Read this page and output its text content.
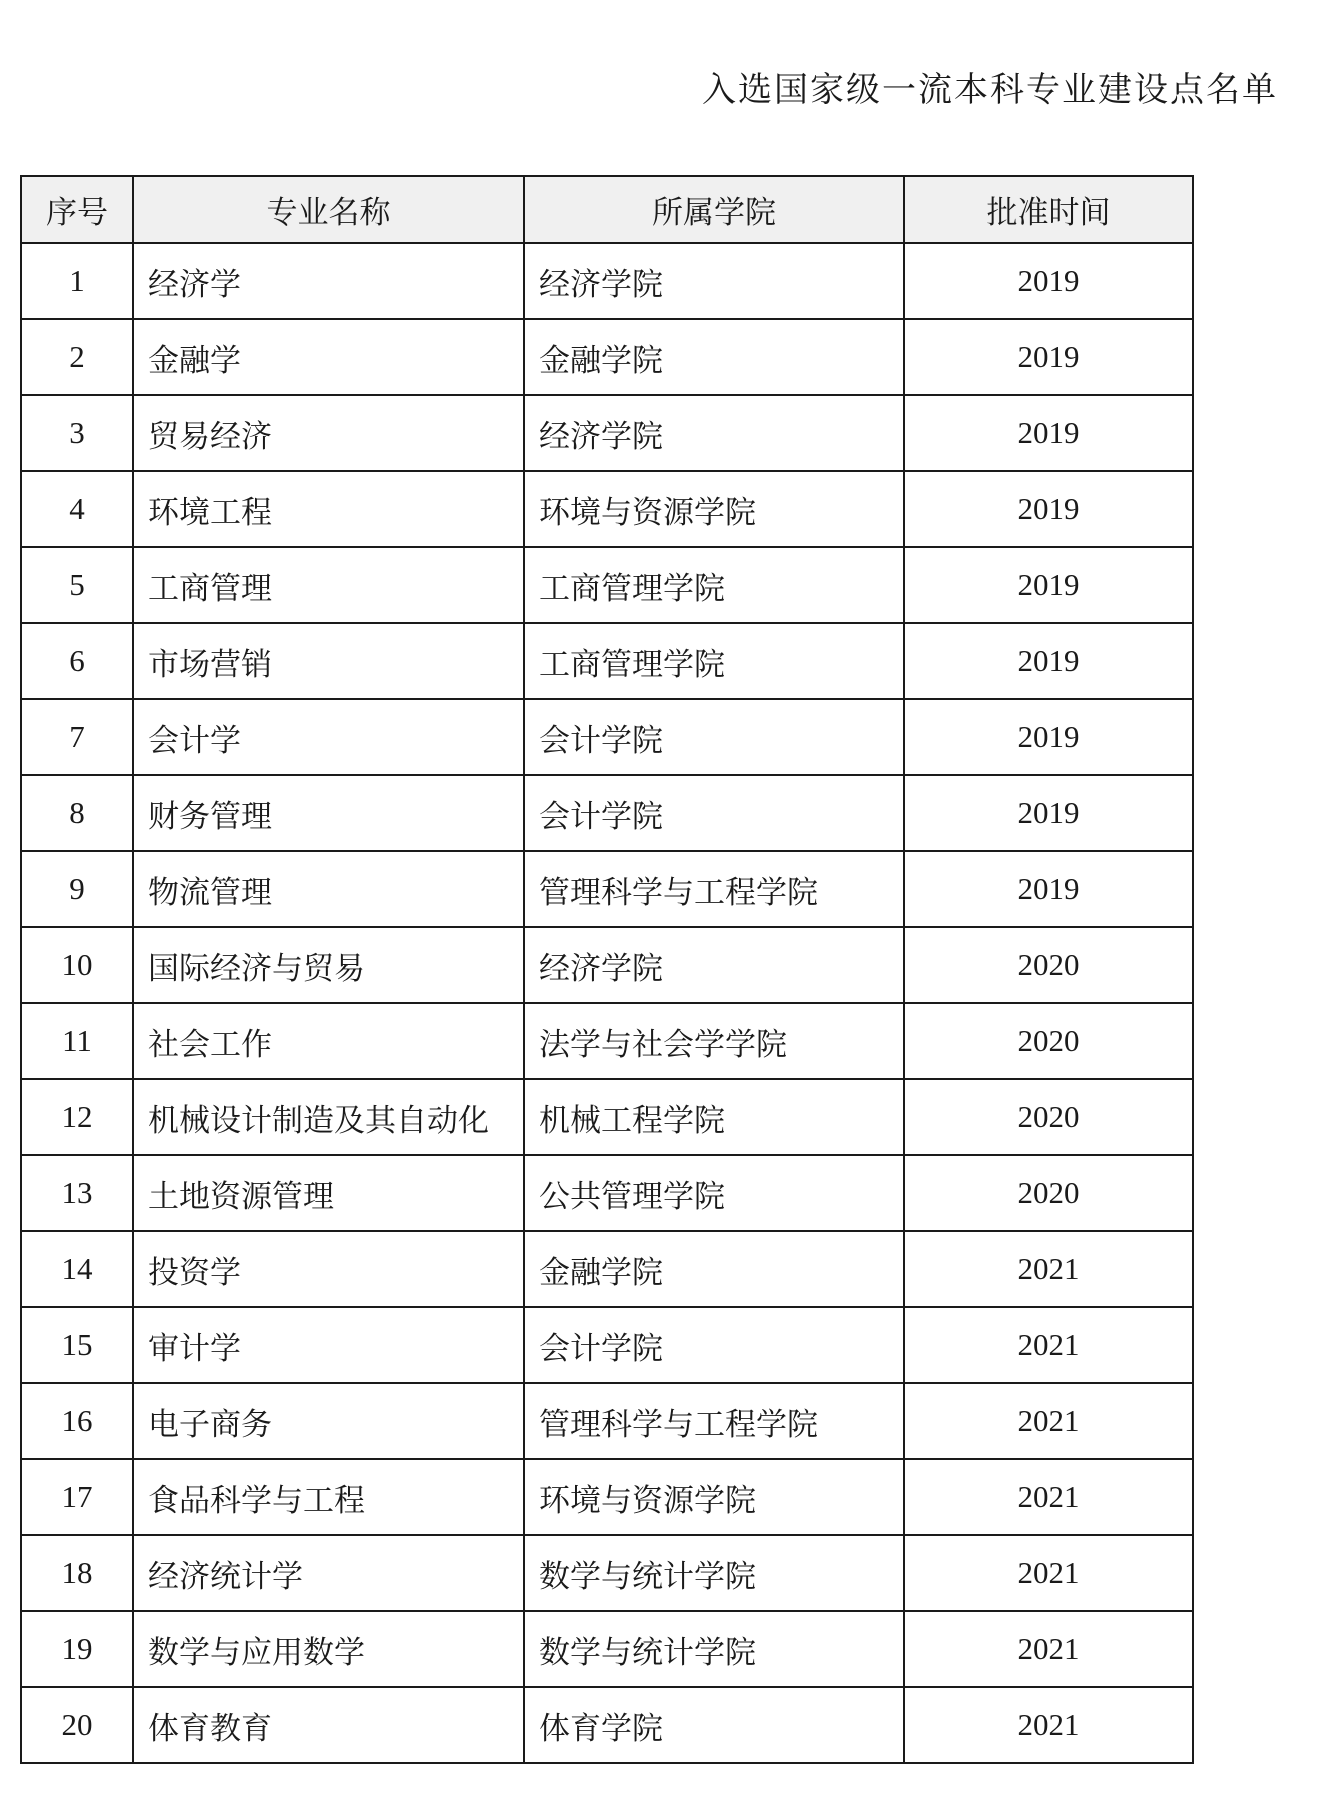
入选国家级一流本科专业建设点名单
序号	专业名称	所属学院	批准时间
1	经济学	经济学院	2019
2	金融学	金融学院	2019
3	贸易经济	经济学院	2019
4	环境工程	环境与资源学院	2019
5	工商管理	工商管理学院	2019
6	市场营销	工商管理学院	2019
7	会计学	会计学院	2019
8	财务管理	会计学院	2019
9	物流管理	管理科学与工程学院	2019
10	国际经济与贸易	经济学院	2020
11	社会工作	法学与社会学学院	2020
12	机械设计制造及其自动化	机械工程学院	2020
13	土地资源管理	公共管理学院	2020
14	投资学	金融学院	2021
15	审计学	会计学院	2021
16	电子商务	管理科学与工程学院	2021
17	食品科学与工程	环境与资源学院	2021
18	经济统计学	数学与统计学院	2021
19	数学与应用数学	数学与统计学院	2021
20	体育教育	体育学院	2021
